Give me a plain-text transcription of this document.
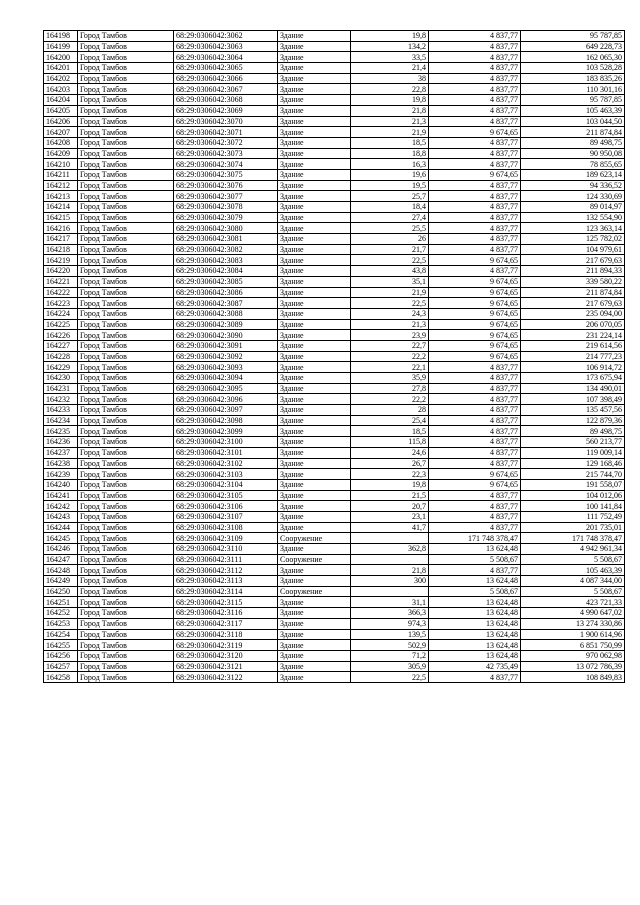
164198	Город Тамбов	68:29:0306042:3062	Здание	19,8	4 837,77	95 787,85
164199	Город Тамбов	68:29:0306042:3063	Здание	134,2	4 837,77	649 228,73
164200	Город Тамбов	68:29:0306042:3064	Здание	33,5	4 837,77	162 065,30
164201	Город Тамбов	68:29:0306042:3065	Здание	21,4	4 837,77	103 528,28
164202	Город Тамбов	68:29:0306042:3066	Здание	38	4 837,77	183 835,26
164203	Город Тамбов	68:29:0306042:3067	Здание	22,8	4 837,77	110 301,16
164204	Город Тамбов	68:29:0306042:3068	Здание	19,8	4 837,77	95 787,85
164205	Город Тамбов	68:29:0306042:3069	Здание	21,8	4 837,77	105 463,39
164206	Город Тамбов	68:29:0306042:3070	Здание	21,3	4 837,77	103 044,50
164207	Город Тамбов	68:29:0306042:3071	Здание	21,9	9 674,65	211 874,84
164208	Город Тамбов	68:29:0306042:3072	Здание	18,5	4 837,77	89 498,75
164209	Город Тамбов	68:29:0306042:3073	Здание	18,8	4 837,77	90 950,08
164210	Город Тамбов	68:29:0306042:3074	Здание	16,3	4 837,77	78 855,65
164211	Город Тамбов	68:29:0306042:3075	Здание	19,6	9 674,65	189 623,14
164212	Город Тамбов	68:29:0306042:3076	Здание	19,5	4 837,77	94 336,52
164213	Город Тамбов	68:29:0306042:3077	Здание	25,7	4 837,77	124 330,69
164214	Город Тамбов	68:29:0306042:3078	Здание	18,4	4 837,77	89 014,97
164215	Город Тамбов	68:29:0306042:3079	Здание	27,4	4 837,77	132 554,90
164216	Город Тамбов	68:29:0306042:3080	Здание	25,5	4 837,77	123 363,14
164217	Город Тамбов	68:29:0306042:3081	Здание	26	4 837,77	125 782,02
164218	Город Тамбов	68:29:0306042:3082	Здание	21,7	4 837,77	104 979,61
164219	Город Тамбов	68:29:0306042:3083	Здание	22,5	9 674,65	217 679,63
164220	Город Тамбов	68:29:0306042:3084	Здание	43,8	4 837,77	211 894,33
164221	Город Тамбов	68:29:0306042:3085	Здание	35,1	9 674,65	339 580,22
164222	Город Тамбов	68:29:0306042:3086	Здание	21,9	9 674,65	211 874,84
164223	Город Тамбов	68:29:0306042:3087	Здание	22,5	9 674,65	217 679,63
164224	Город Тамбов	68:29:0306042:3088	Здание	24,3	9 674,65	235 094,00
164225	Город Тамбов	68:29:0306042:3089	Здание	21,3	9 674,65	206 070,05
164226	Город Тамбов	68:29:0306042:3090	Здание	23,9	9 674,65	231 224,14
164227	Город Тамбов	68:29:0306042:3091	Здание	22,7	9 674,65	219 614,56
164228	Город Тамбов	68:29:0306042:3092	Здание	22,2	9 674,65	214 777,23
164229	Город Тамбов	68:29:0306042:3093	Здание	22,1	4 837,77	106 914,72
164230	Город Тамбов	68:29:0306042:3094	Здание	35,9	4 837,77	173 675,94
164231	Город Тамбов	68:29:0306042:3095	Здание	27,8	4 837,77	134 490,01
164232	Город Тамбов	68:29:0306042:3096	Здание	22,2	4 837,77	107 398,49
164233	Город Тамбов	68:29:0306042:3097	Здание	28	4 837,77	135 457,56
164234	Город Тамбов	68:29:0306042:3098	Здание	25,4	4 837,77	122 879,36
164235	Город Тамбов	68:29:0306042:3099	Здание	18,5	4 837,77	89 498,75
164236	Город Тамбов	68:29:0306042:3100	Здание	115,8	4 837,77	560 213,77
164237	Город Тамбов	68:29:0306042:3101	Здание	24,6	4 837,77	119 009,14
164238	Город Тамбов	68:29:0306042:3102	Здание	26,7	4 837,77	129 168,46
164239	Город Тамбов	68:29:0306042:3103	Здание	22,3	9 674,65	215 744,70
164240	Город Тамбов	68:29:0306042:3104	Здание	19,8	9 674,65	191 558,07
164241	Город Тамбов	68:29:0306042:3105	Здание	21,5	4 837,77	104 012,06
164242	Город Тамбов	68:29:0306042:3106	Здание	20,7	4 837,77	100 141,84
164243	Город Тамбов	68:29:0306042:3107	Здание	23,1	4 837,77	111 752,49
164244	Город Тамбов	68:29:0306042:3108	Здание	41,7	4 837,77	201 735,01
164245	Город Тамбов	68:29:0306042:3109	Сооружение		171 748 378,47	171 748 378,47
164246	Город Тамбов	68:29:0306042:3110	Здание	362,8	13 624,48	4 942 961,34
164247	Город Тамбов	68:29:0306042:3111	Сооружение		5 508,67	5 508,67
164248	Город Тамбов	68:29:0306042:3112	Здание	21,8	4 837,77	105 463,39
164249	Город Тамбов	68:29:0306042:3113	Здание	300	13 624,48	4 087 344,00
164250	Город Тамбов	68:29:0306042:3114	Сооружение		5 508,67	5 508,67
164251	Город Тамбов	68:29:0306042:3115	Здание	31,1	13 624,48	423 721,33
164252	Город Тамбов	68:29:0306042:3116	Здание	366,3	13 624,48	4 990 647,02
164253	Город Тамбов	68:29:0306042:3117	Здание	974,3	13 624,48	13 274 330,86
164254	Город Тамбов	68:29:0306042:3118	Здание	139,5	13 624,48	1 900 614,96
164255	Город Тамбов	68:29:0306042:3119	Здание	502,9	13 624,48	6 851 750,99
164256	Город Тамбов	68:29:0306042:3120	Здание	71,2	13 624,48	970 062,98
164257	Город Тамбов	68:29:0306042:3121	Здание	305,9	42 735,49	13 072 786,39
164258	Город Тамбов	68:29:0306042:3122	Здание	22,5	4 837,77	108 849,83
